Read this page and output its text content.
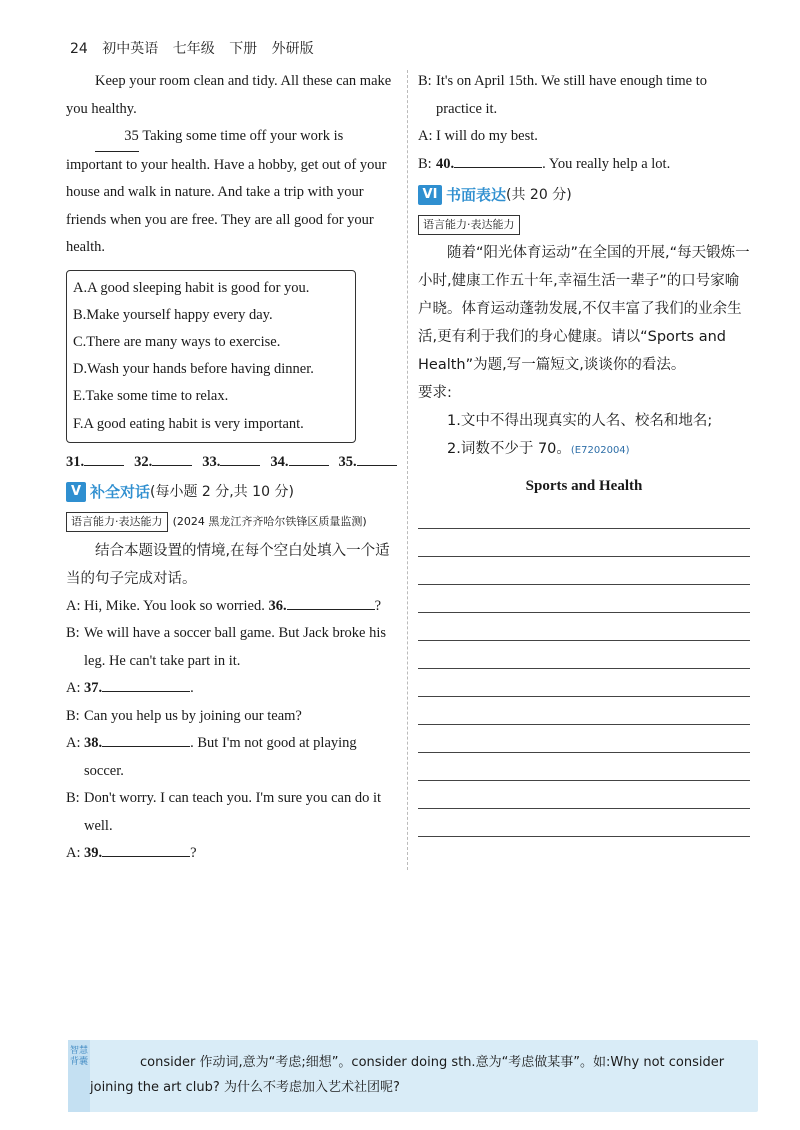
24 初中英语 七年级 下册 外研版

Keep your room clean and tidy. All these can make you healthy.

35 Taking some time off your work is important to your health. Have a hobby, get out of your house and walk in nature. And take a trip with your friends when you are free. They are all good for your health.

A.A good sleeping habit is good for you.
B.Make yourself happy every day.
C.There are many ways to exercise.
D.Wash your hands before having dinner.
E.Take some time to relax.
F.A good eating habit is very important.
31.	32.	33.	34.	35.
V 补全对话 (每小题 2 分,共 10 分)
语言能力·表达能力 (2024 黑龙江齐齐哈尔铁锋区质量监测)

结合本题设置的情境,在每个空白处填入一个适当的句子完成对话。

A: Hi, Mike. You look so worried. 36.	?
B: We will have a soccer ball game. But Jack broke his leg. He can't take part in it.
A: 37.	.
B: Can you help us by joining our team?
A: 38.	. But I'm not good at playing soccer.
B: Don't worry. I can teach you. I'm sure you can do it well.
A: 39.	?
B: It's on April 15th. We still have enough time to practice it.
A: I will do my best.
B: 40.	. You really help a lot.
VI 书面表达 (共 20 分)
语言能力·表达能力

随着“阳光体育运动”在全国的开展,“每天锻炼一小时,健康工作五十年,幸福生活一辈子”的口号家喻户晓。体育运动蓬勃发展,不仅丰富了我们的业余生活,更有利于我们的身心健康。请以“Sports and Health”为题,写一篇短文,谈谈你的看法。

要求:

1.文中不得出现真实的人名、校名和地名;

2.词数不少于 70。(E7202004)

Sports and Health
智慧背囊	consider 作动词,意为“考虑;细想”。consider doing sth.意为“考虑做某事”。如:Why not consider
joining the art club? 为什么不考虑加入艺术社团呢?
